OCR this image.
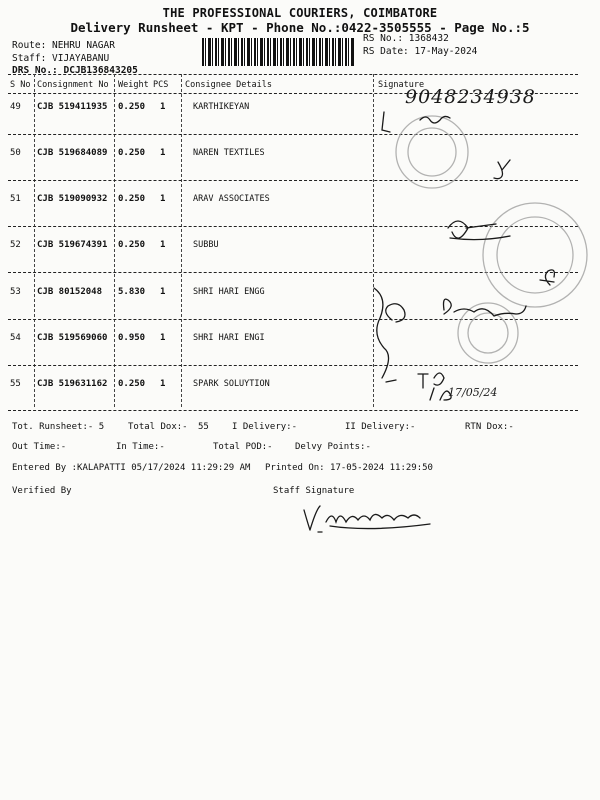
THE PROFESSIONAL COURIERS, COIMBATORE
Delivery Runsheet - KPT - Phone No.:0422-3505555 - Page No.:5
Route: NEHRU NAGAR
Staff: VIJAYABANU
DRS No.: DCJB136843205
RS No.: 1368432
RS Date: 17-May-2024
S No Consignment No Weight PCS Consignee Details	Signature
49 CJB 519411935 0.250 1	KARTHIKEYAN
50 CJB 519684089 0.250 1	NAREN TEXTILES
51 CJB 519090932 0.250 1	ARAV ASSOCIATES
52 CJB 519674391 0.250 1	SUBBU
53 CJB 80152048 5.830 1	SHRI HARI ENGG
54 CJB 519569060 0.950 1	SHRI HARI ENGI
55 CJB 519631162 0.250 1	SPARK SOLUYTION
9048234938
17/05/24
Tot. Runsheet:- 5	Total Dox:- 55	I Delivery:-	II Delivery:-	RTN Dox:-
Out Time:-	In Time:-	Total POD:- Delvy Points:-
Entered By :KALAPATTI 05/17/2024 11:29:29 AM Printed On: 17-05-2024 11:29:50
Verified By	Staff Signature
